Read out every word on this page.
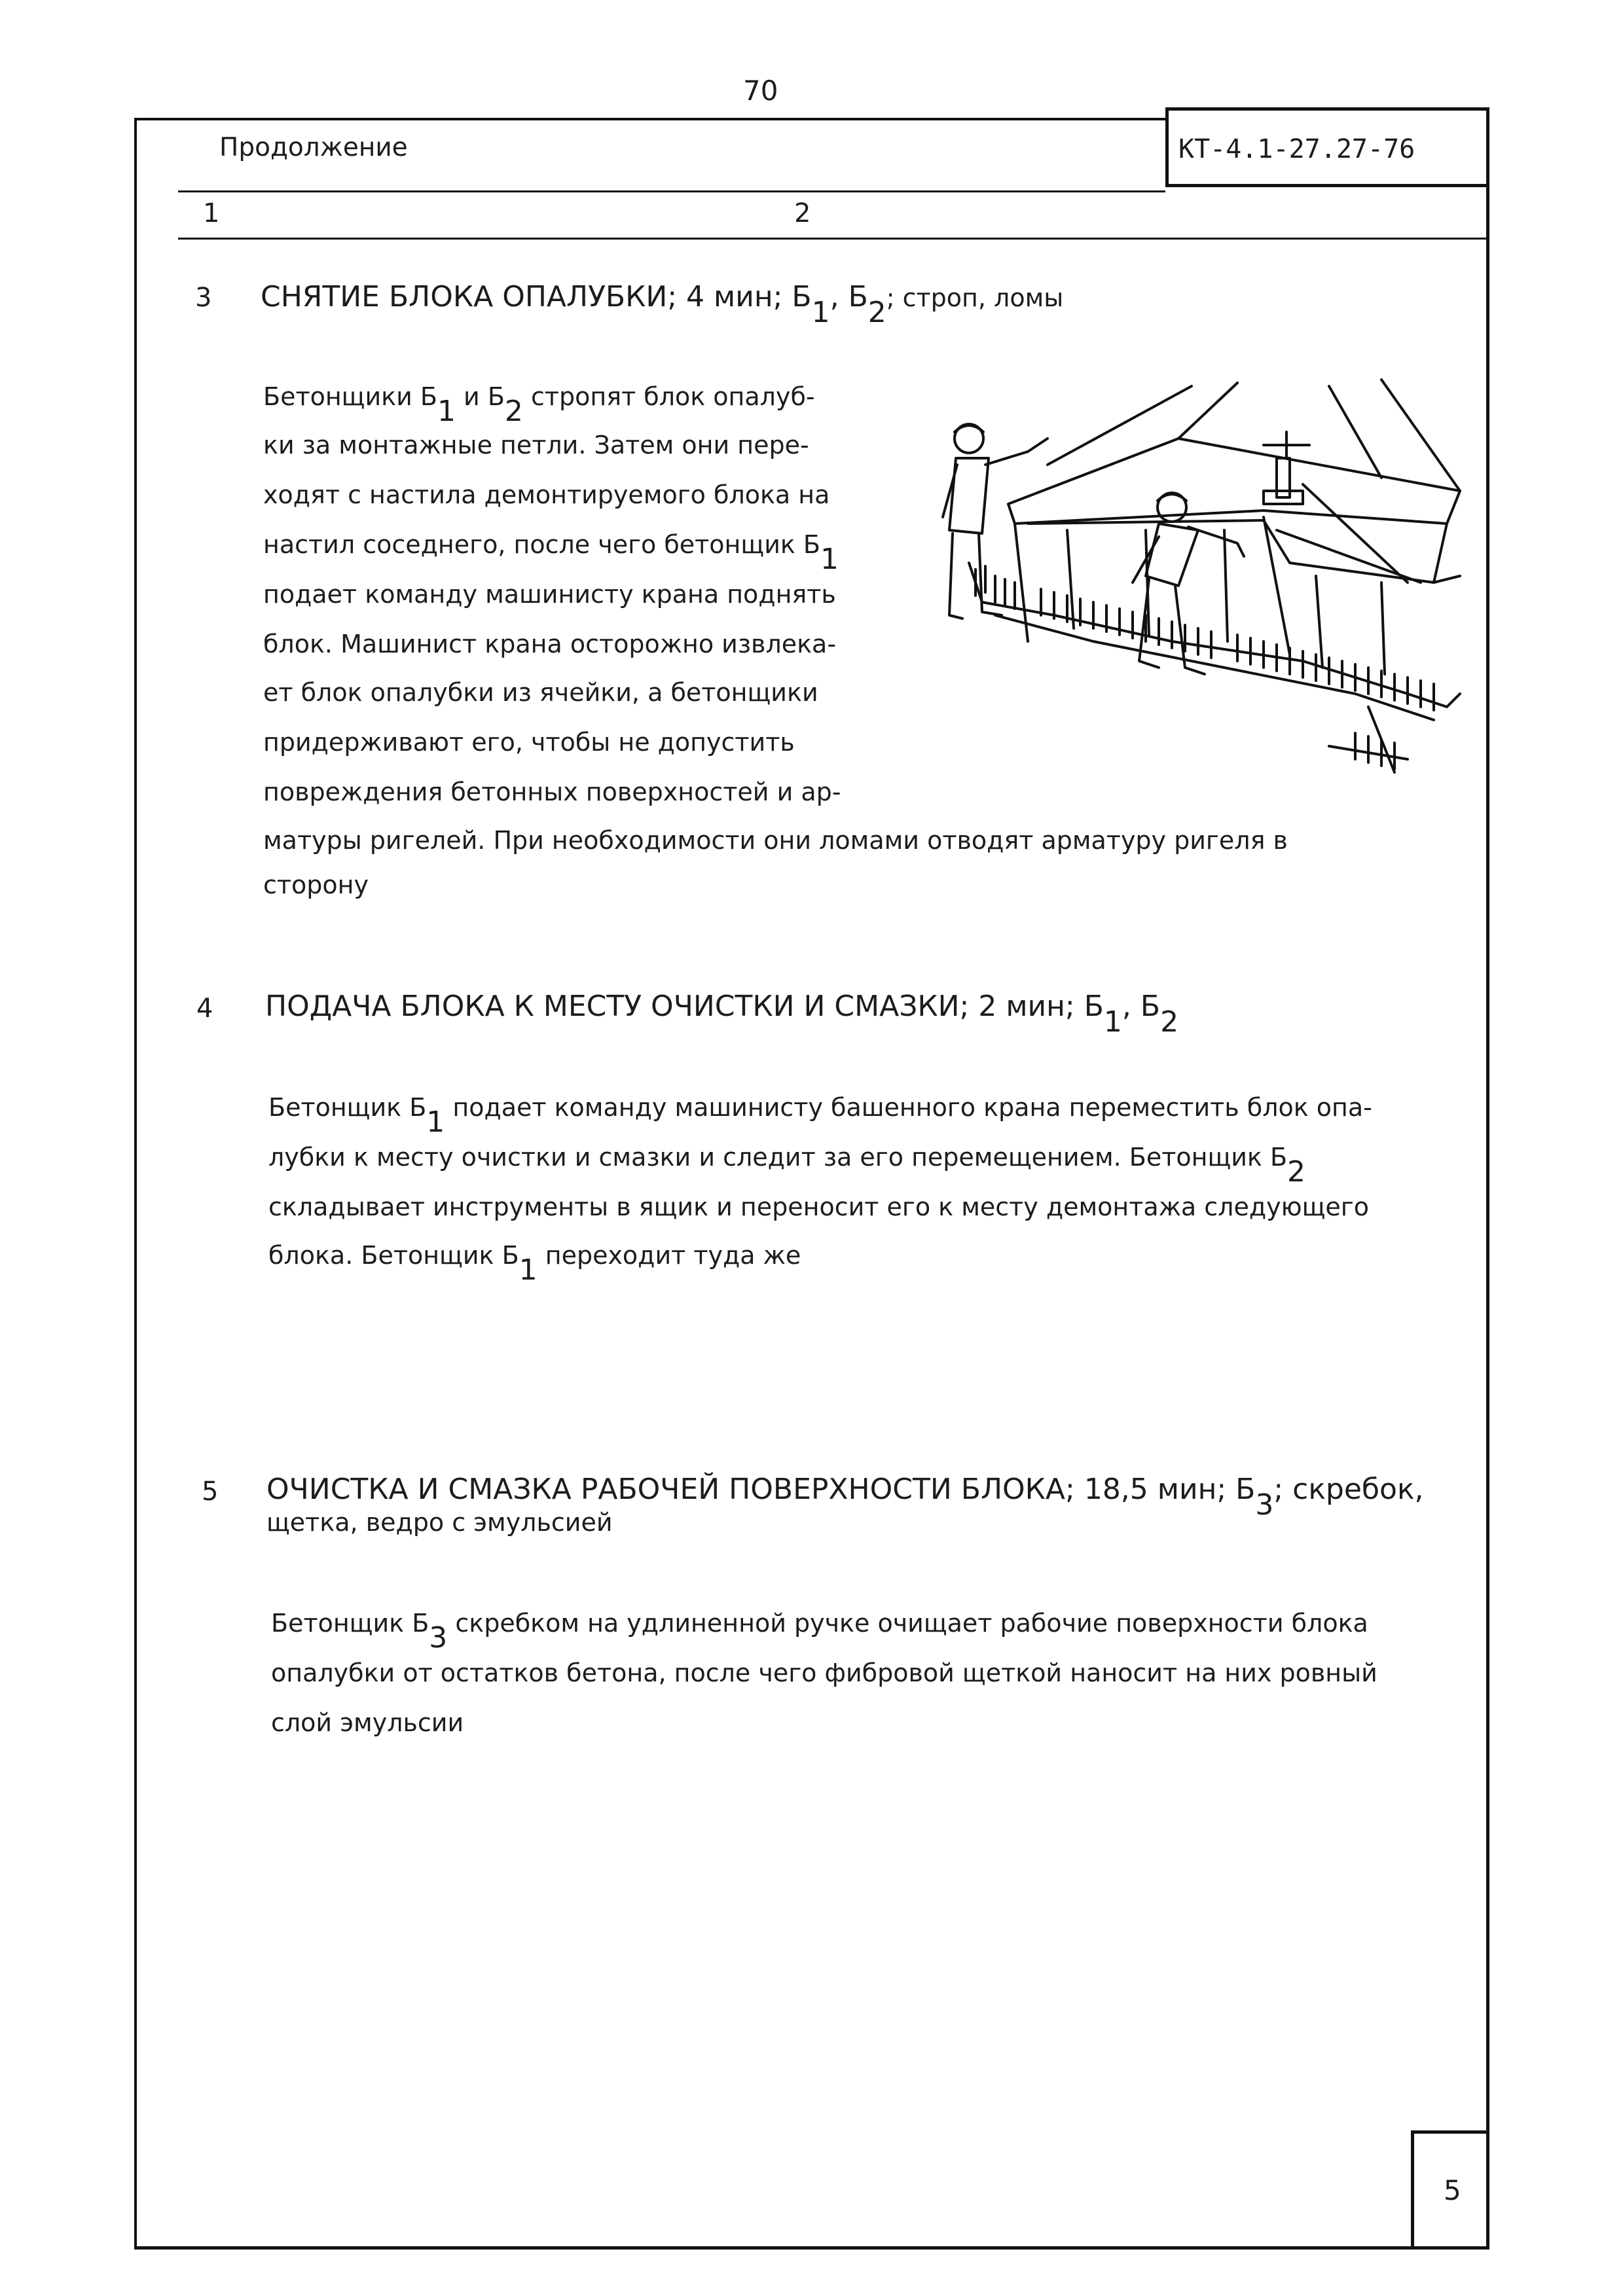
70
Продолжение	КТ-4.1-27.27-76
1	2
3 СНЯТИЕ БЛОКА ОПАЛУБКИ; 4 мин; $Б_1$, $Б_2$; строп, ломы
Бетонщики $Б_1$ и $Б_2$ стропят блок опалуб-
ки за монтажные петли. Затем они пере-
ходят с настила демонтируемого блока на
настил соседнего, после чего бетонщик $Б_1$
подает команду машинисту крана поднять
блок. Машинист крана осторожно извлека-
ет блок опалубки из ячейки, а бетонщики
придерживают его, чтобы не допустить
повреждения бетонных поверхностей и ар-
матуры ригелей. При необходимости они ломами отводят арматуру ригеля в
сторону
4 ПОДАЧА БЛОКА К МЕСТУ ОЧИСТКИ И СМАЗКИ; 2 мин; $Б_1$, $Б_2$
Бетонщик $Б_1$ подает команду машинисту башенного крана переместить блок опа-
лубки к месту очистки и смазки и следит за его перемещением. Бетонщик $Б_2$
складывает инструменты в ящик и переносит его к месту демонтажа следующего
блока. Бетонщик $Б_1$ переходит туда же
5 ОЧИСТКА И СМАЗКА РАБОЧЕЙ ПОВЕРХНОСТИ БЛОКА; 18,5 мин; $Б_3$; скребок,
щетка, ведро с эмульсией
Бетонщик $Б_3$ скребком на удлиненной ручке очищает рабочие поверхности блока
опалубки от остатков бетона, после чего фибровой щеткой наносит на них ровный
слой эмульсии
5
